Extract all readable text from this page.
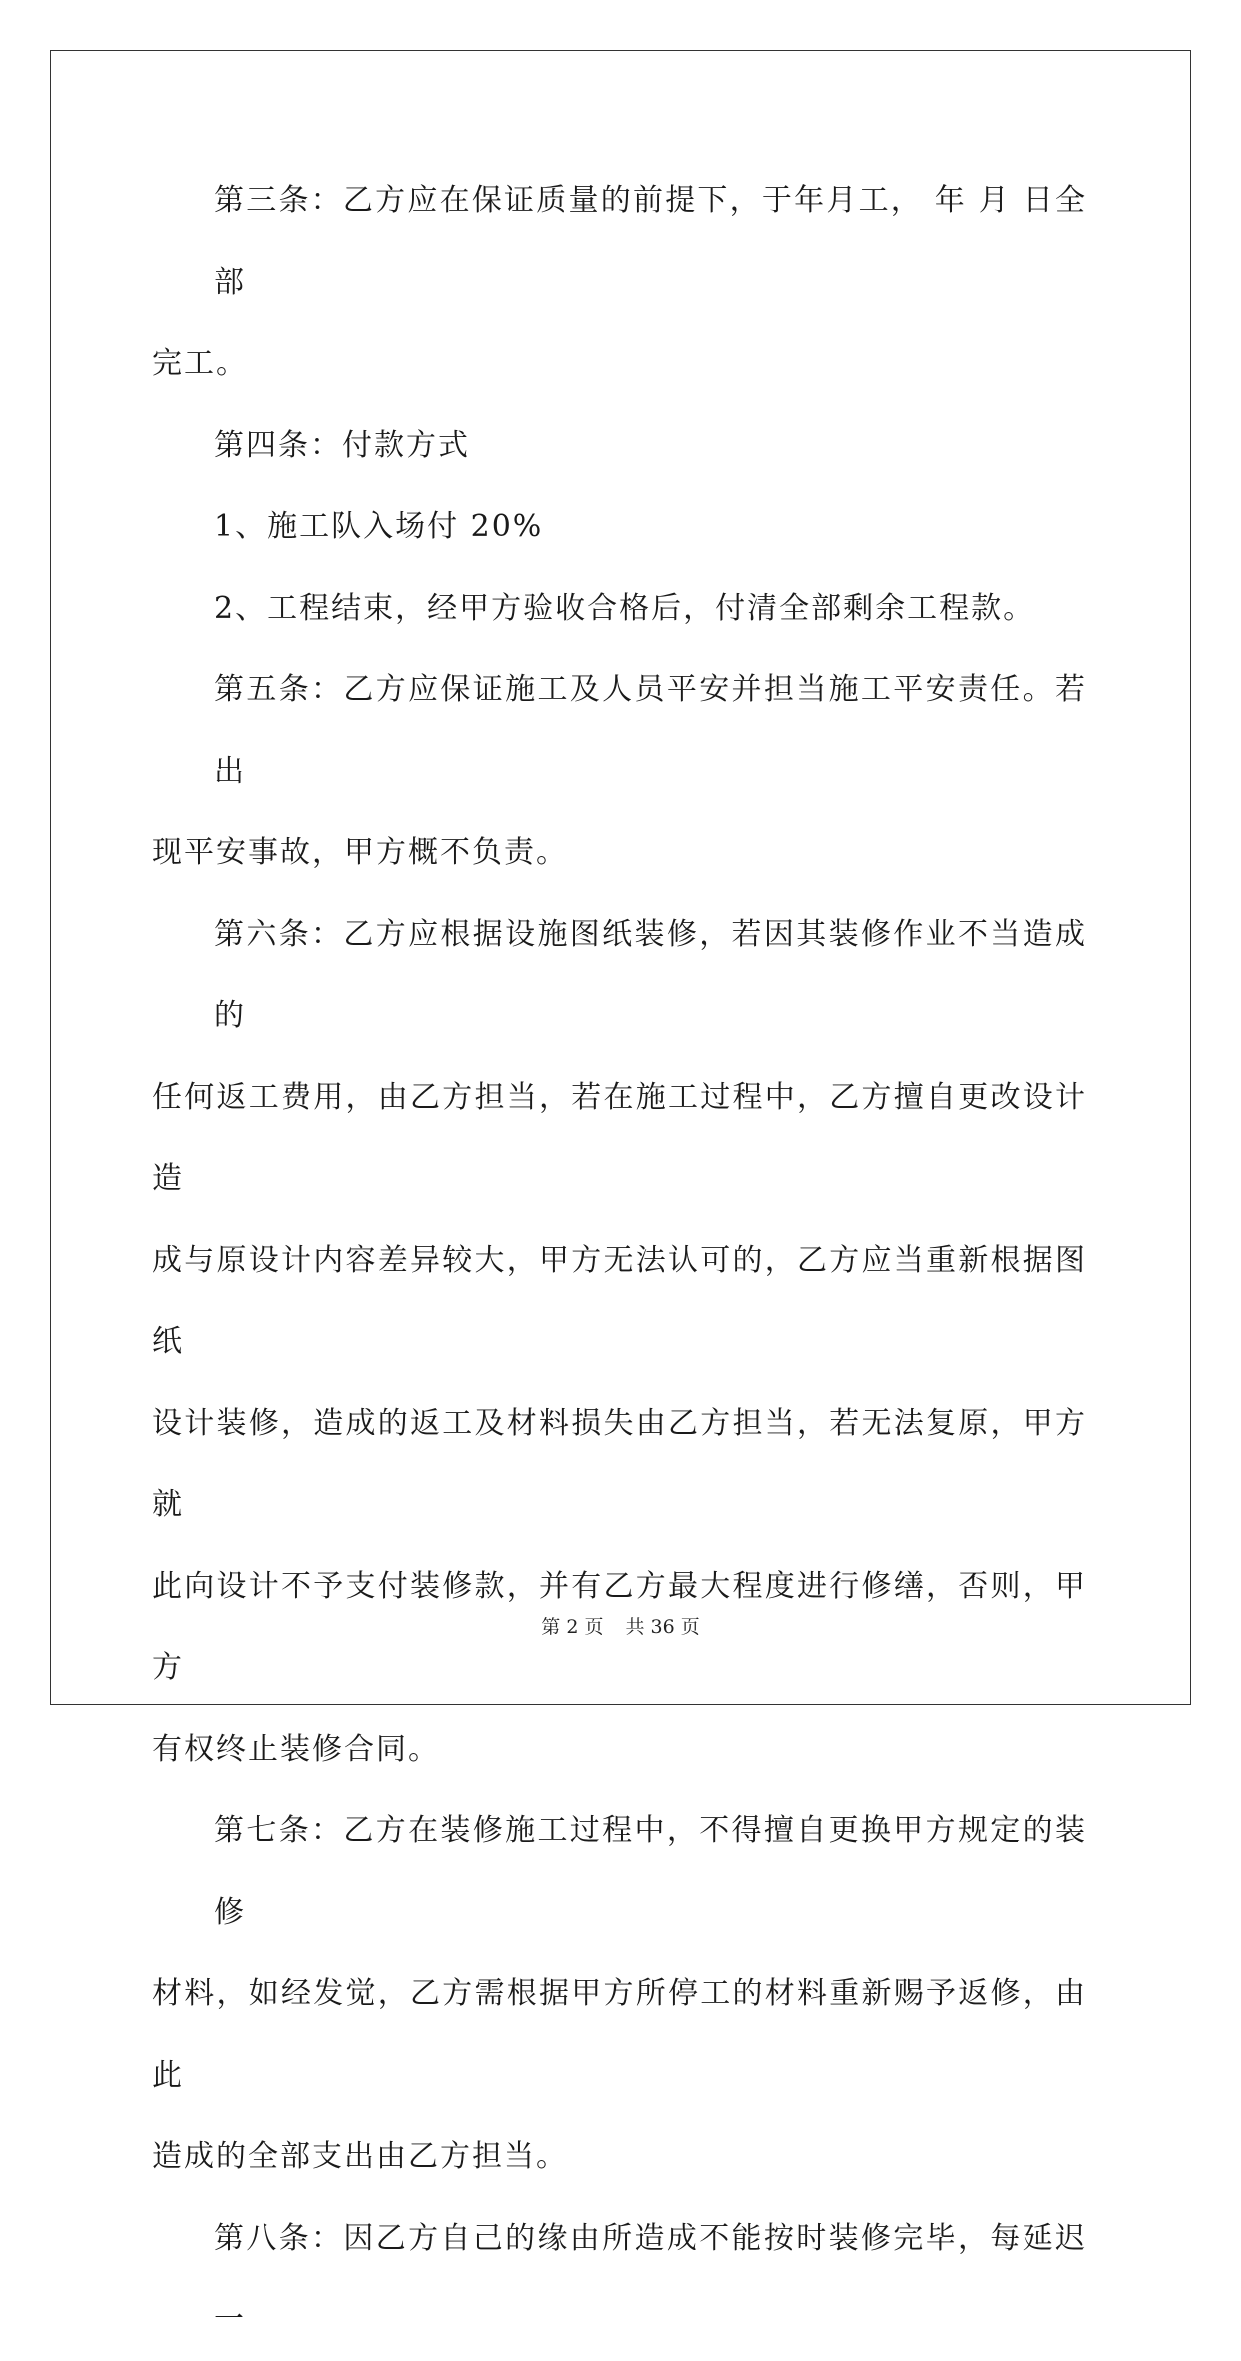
第三条：乙方应在保证质量的前提下，于年月工， 年 月 日全部
完工。
第四条：付款方式
1、施工队入场付 20%
2、工程结束，经甲方验收合格后，付清全部剩余工程款。
第五条：乙方应保证施工及人员平安并担当施工平安责任。若出
现平安事故，甲方概不负责。
第六条：乙方应根据设施图纸装修，若因其装修作业不当造成的
任何返工费用，由乙方担当，若在施工过程中，乙方擅自更改设计造
成与原设计内容差异较大，甲方无法认可的，乙方应当重新根据图纸
设计装修，造成的返工及材料损失由乙方担当，若无法复原，甲方就
此向设计不予支付装修款，并有乙方最大程度进行修缮，否则，甲方
有权终止装修合同。
第七条：乙方在装修施工过程中，不得擅自更换甲方规定的装修
材料，如经发觉，乙方需根据甲方所停工的材料重新赐予返修，由此
造成的全部支出由乙方担当。
第八条：因乙方自己的缘由所造成不能按时装修完毕，每延迟一
第 2 页 共 36 页
